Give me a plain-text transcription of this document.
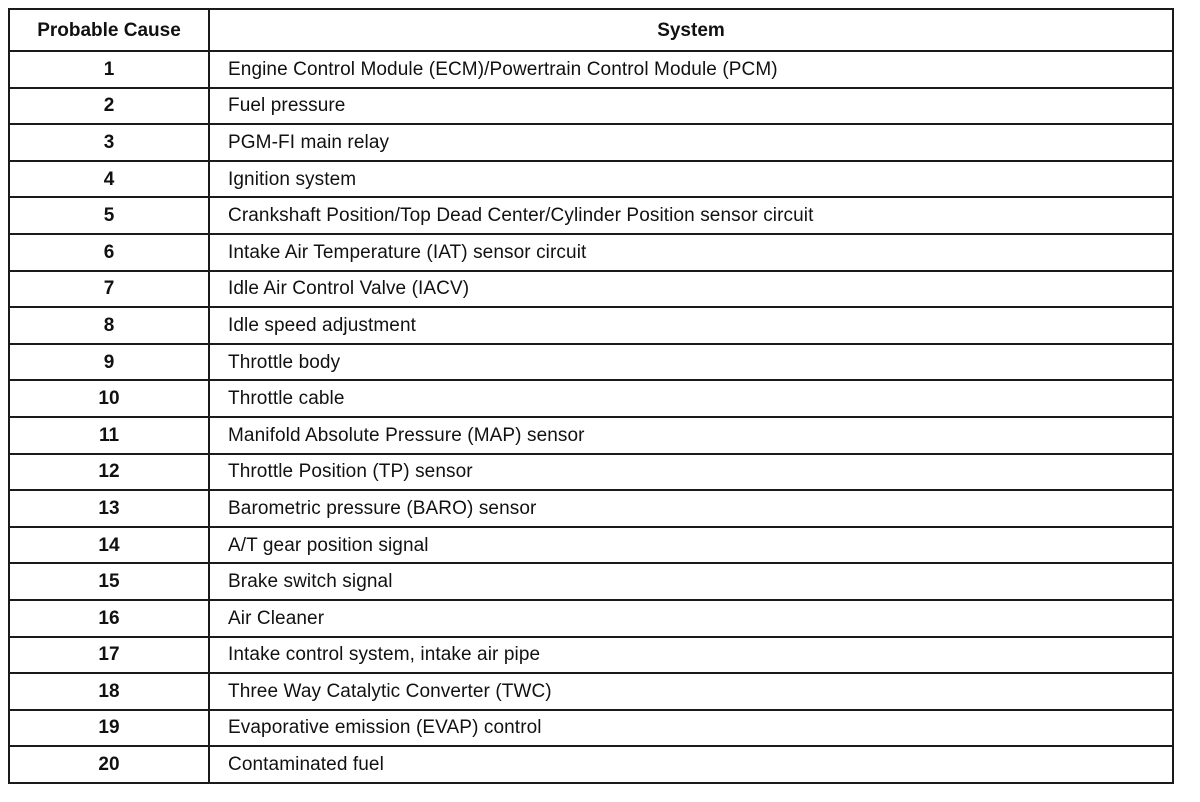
Probable Cause	System
1	Engine Control Module (ECM)/Powertrain Control Module (PCM)
2	Fuel pressure
3	PGM-FI main relay
4	Ignition system
5	Crankshaft Position/Top Dead Center/Cylinder Position sensor circuit
6	Intake Air Temperature (IAT) sensor circuit
7	Idle Air Control Valve (IACV)
8	Idle speed adjustment
9	Throttle body
10	Throttle cable
11	Manifold Absolute Pressure (MAP) sensor
12	Throttle Position (TP) sensor
13	Barometric pressure (BARO) sensor
14	A/T gear position signal
15	Brake switch signal
16	Air Cleaner
17	Intake control system, intake air pipe
18	Three Way Catalytic Converter (TWC)
19	Evaporative emission (EVAP) control
20	Contaminated fuel
